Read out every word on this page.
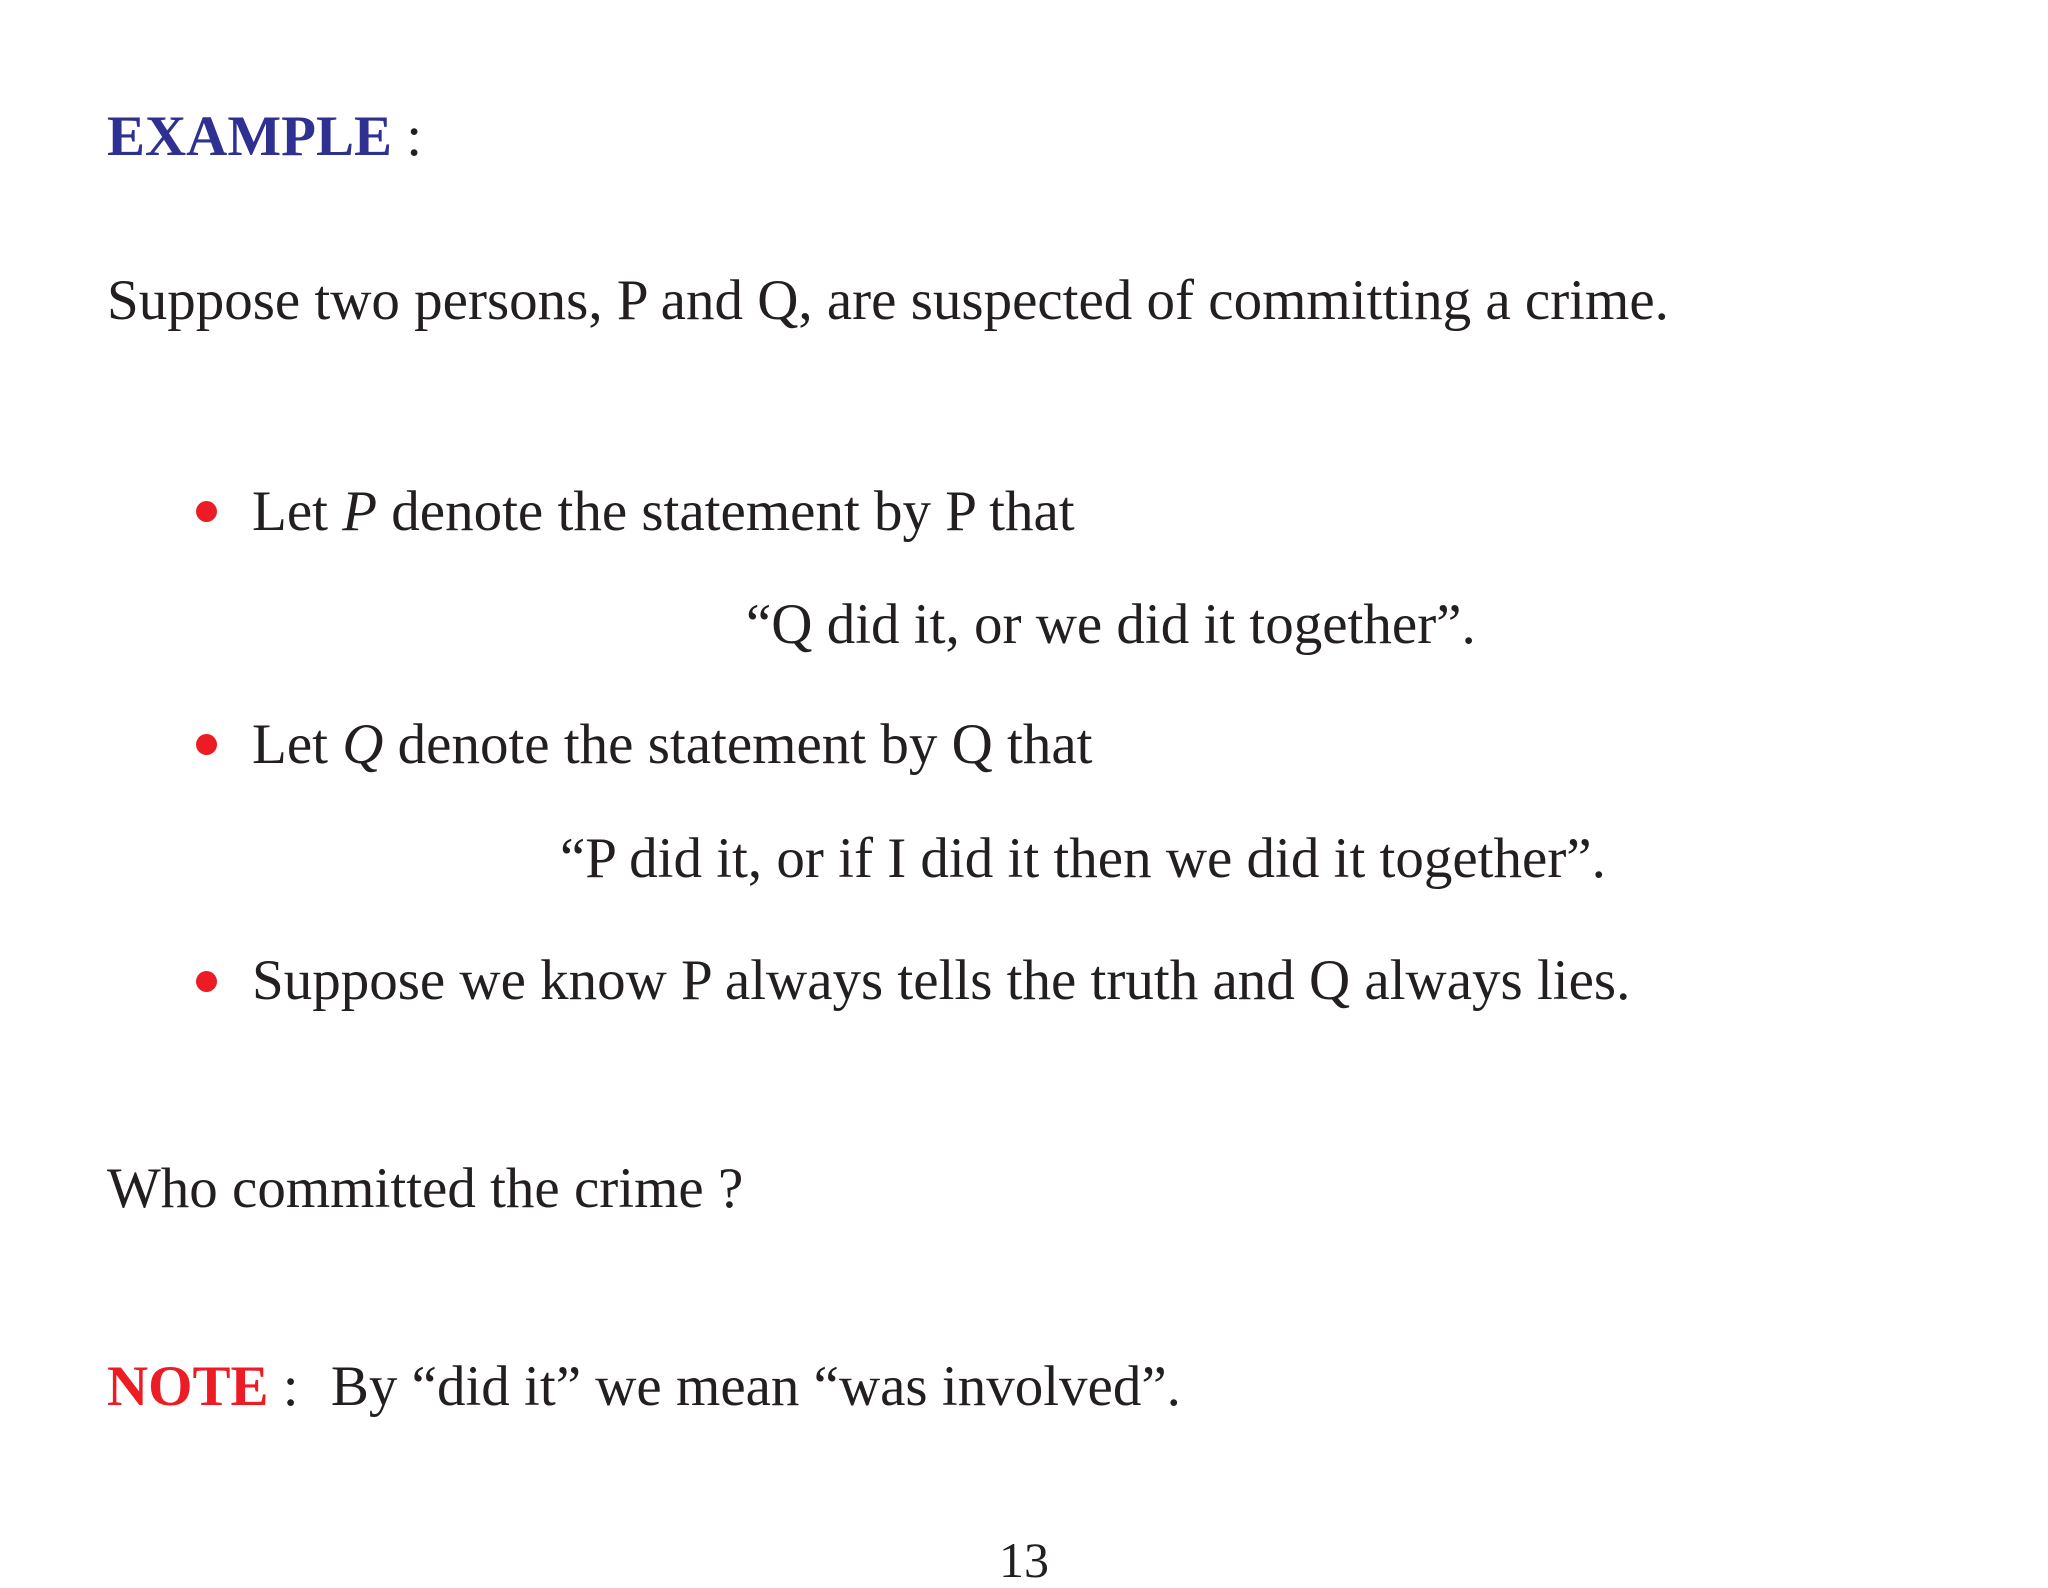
EXAMPLE :
Suppose two persons, P and Q, are suspected of committing a crime.
Let P denote the statement by P that
“Q did it, or we did it together”.
Let Q denote the statement by Q that
“P did it, or if I did it then we did it together”.
Suppose we know P always tells the truth and Q always lies.
Who committed the crime ?
NOTE : By “did it” we mean “was involved”.
13
